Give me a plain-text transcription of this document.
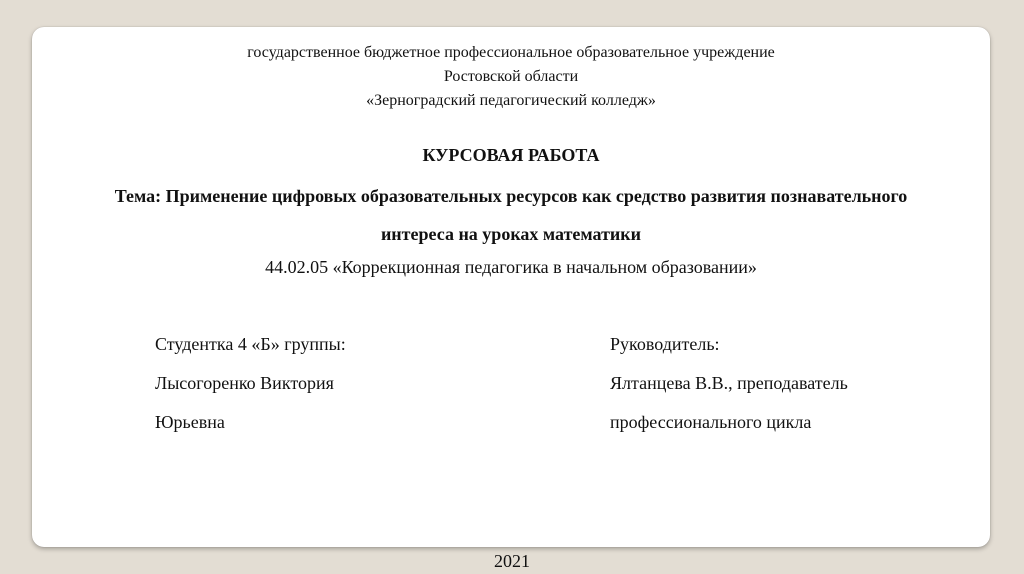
государственное бюджетное профессиональное образовательное учреждение
Ростовской области
«Зерноградский педагогический колледж»
КУРСОВАЯ РАБОТА
Тема: Применение цифровых образовательных ресурсов как средство развития познавательного интереса на уроках математики
44.02.05 «Коррекционная педагогика в начальном образовании»
Студентка 4 «Б» группы:
Лысогоренко Виктория
Юрьевна
Руководитель:
Ялтанцева В.В., преподаватель
профессионального цикла
2021
